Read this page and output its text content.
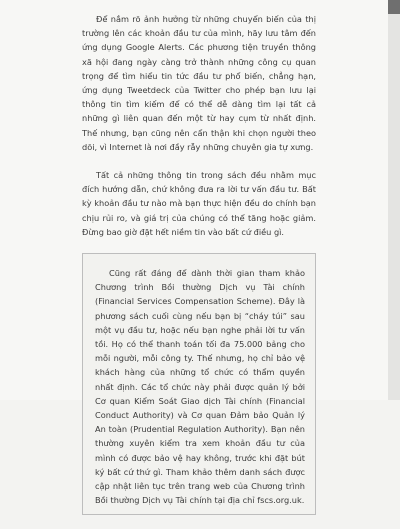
Để nắm rõ ảnh hưởng từ những chuyển biến của thị trường lên các khoản đầu tư của mình, hãy lưu tâm đến ứng dụng Google Alerts. Các phương tiện truyền thông xã hội đang ngày càng trở thành những công cụ quan trọng để tìm hiểu tin tức đầu tư phổ biến, chẳng hạn, ứng dụng Tweetdeck của Twitter cho phép bạn lưu lại thông tin tìm kiếm để có thể dễ dàng tìm lại tất cả những gì liên quan đến một từ hay cụm từ nhất định. Thế nhưng, bạn cũng nên cẩn thận khi chọn người theo dõi, vì Internet là nơi đầy rẫy những chuyên gia tự xưng.

Tất cả những thông tin trong sách đều nhằm mục đích hướng dẫn, chứ không đưa ra lời tư vấn đầu tư. Bất kỳ khoản đầu tư nào mà bạn thực hiện đều do chính bạn chịu rủi ro, và giá trị của chúng có thể tăng hoặc giảm. Đừng bao giờ đặt hết niềm tin vào bất cứ điều gì.

Cũng rất đáng để dành thời gian tham khảo Chương trình Bồi thường Dịch vụ Tài chính (Financial Services Compensation Scheme). Đây là phương sách cuối cùng nếu bạn bị “cháy túi” sau một vụ đầu tư, hoặc nếu bạn nghe phải lời tư vấn tồi. Họ có thể thanh toán tối đa 75.000 bảng cho mỗi người, mỗi công ty. Thế nhưng, họ chỉ bảo vệ khách hàng của những tổ chức có thẩm quyền nhất định. Các tổ chức này phải được quản lý bởi Cơ quan Kiểm Soát Giao dịch Tài chính (Financial Conduct Authority) và Cơ quan Đảm bảo Quản lý An toàn (Prudential Regulation Authority). Bạn nên thường xuyên kiểm tra xem khoản đầu tư của mình có được bảo vệ hay không, trước khi đặt bút ký bất cứ thứ gì. Tham khảo thêm danh sách được cập nhật liên tục trên trang web của Chương trình Bồi thường Dịch vụ Tài chính tại địa chỉ fscs.org.uk.
